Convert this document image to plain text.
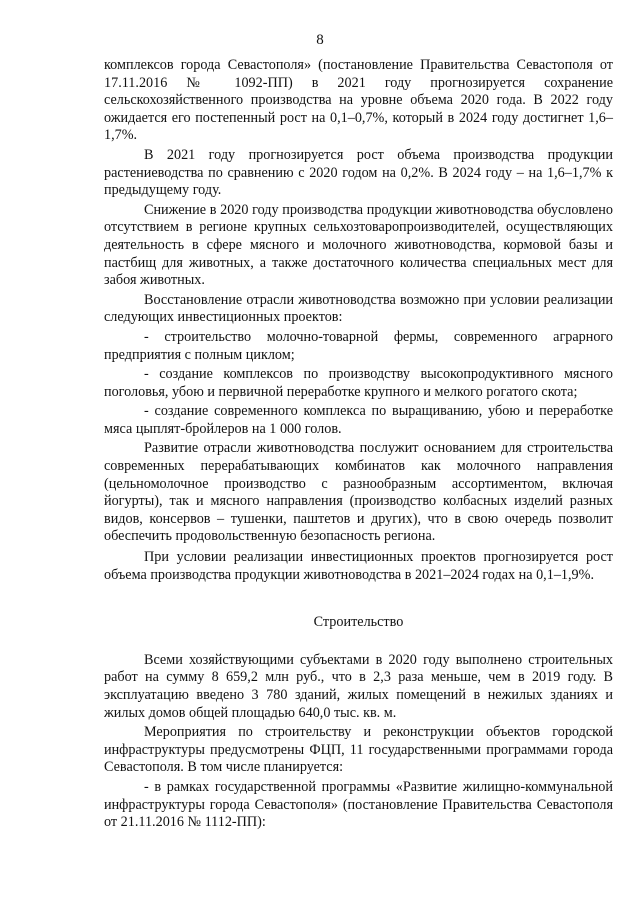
8

комплексов города Севастополя» (постановление Правительства Севастополя от 17.11.2016 № 1092-ПП) в 2021 году прогнозируется сохранение сельскохозяйственного производства на уровне объема 2020 года. В 2022 году ожидается его постепенный рост на 0,1–0,7%, который в 2024 году достигнет 1,6–1,7%.

В 2021 году прогнозируется рост объема производства продукции растениеводства по сравнению с 2020 годом на 0,2%. В 2024 году – на 1,6–1,7% к предыдущему году.

Снижение в 2020 году производства продукции животноводства обусловлено отсутствием в регионе крупных сельхозтоваропроизводителей, осуществляющих деятельность в сфере мясного и молочного животноводства, кормовой базы и пастбищ для животных, а также достаточного количества специальных мест для забоя животных.

Восстановление отрасли животноводства возможно при условии реализации следующих инвестиционных проектов:

- строительство молочно-товарной фермы, современного аграрного предприятия с полным циклом;

- создание комплексов по производству высокопродуктивного мясного поголовья, убою и первичной переработке крупного и мелкого рогатого скота;

- создание современного комплекса по выращиванию, убою и переработке мяса цыплят-бройлеров на 1 000 голов.

Развитие отрасли животноводства послужит основанием для строительства современных перерабатывающих комбинатов как молочного направления (цельномолочное производство с разнообразным ассортиментом, включая йогурты), так и мясного направления (производство колбасных изделий разных видов, консервов – тушенки, паштетов и других), что в свою очередь позволит обеспечить продовольственную безопасность региона.

При условии реализации инвестиционных проектов прогнозируется рост объема производства продукции животноводства в 2021–2024 годах на 0,1–1,9%.

Строительство

Всеми хозяйствующими субъектами в 2020 году выполнено строительных работ на сумму 8 659,2 млн руб., что в 2,3 раза меньше, чем в 2019 году. В эксплуатацию введено 3 780 зданий, жилых помещений в нежилых зданиях и жилых домов общей площадью 640,0 тыс. кв. м.

Мероприятия по строительству и реконструкции объектов городской инфраструктуры предусмотрены ФЦП, 11 государственными программами города Севастополя. В том числе планируется:

- в рамках государственной программы «Развитие жилищно-коммунальной инфраструктуры города Севастополя» (постановление Правительства Севастополя от 21.11.2016 № 1112-ПП):
